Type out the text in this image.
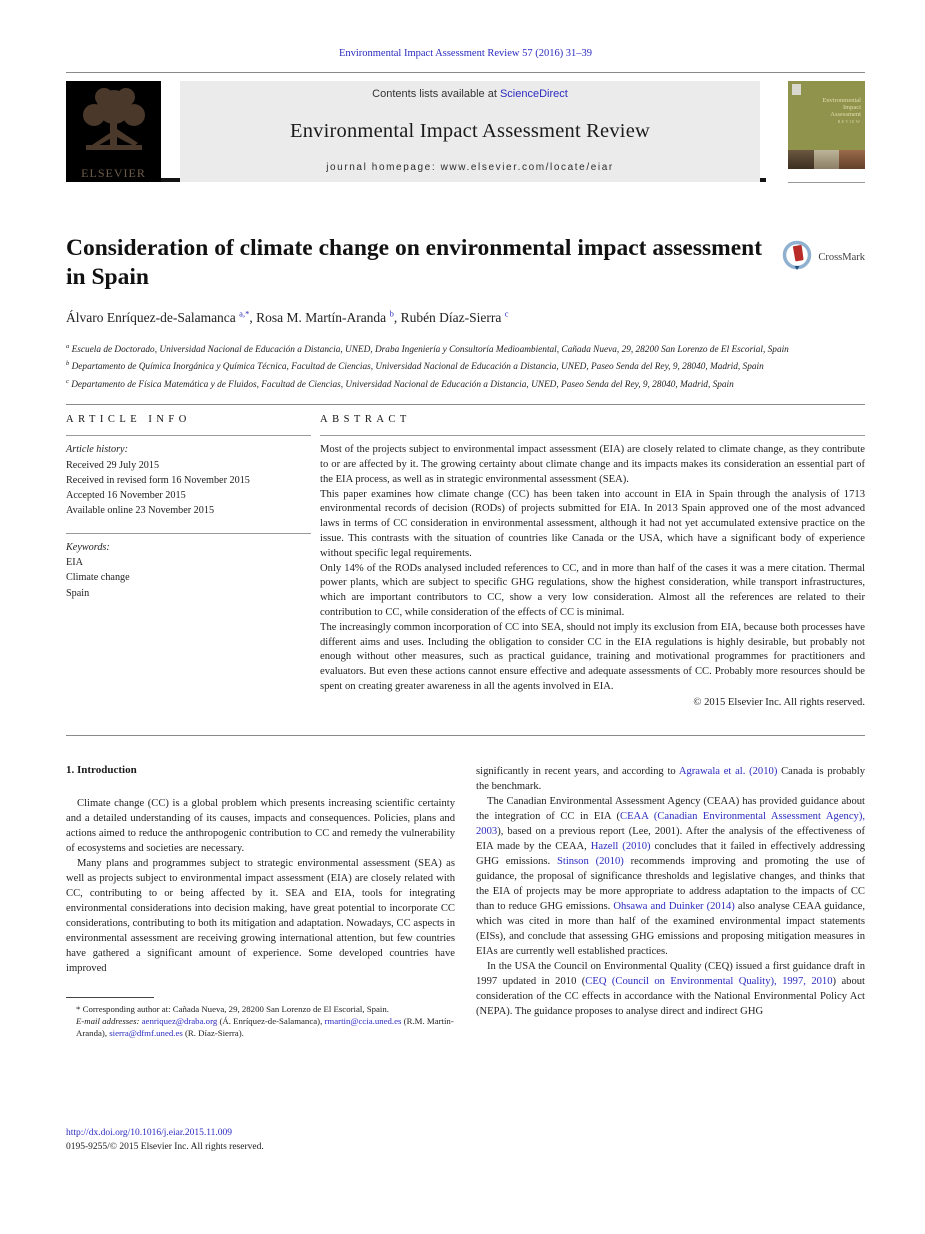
Environmental Impact Assessment Review 57 (2016) 31–39
ELSEVIER
Contents lists available at ScienceDirect
Environmental Impact Assessment Review
journal homepage: www.elsevier.com/locate/eiar
Environmental
Impact
Assessment
REVIEW
Consideration of climate change on environmental impact assessment in Spain
CrossMark
Álvaro Enríquez-de-Salamanca $^{a,*}$, Rosa M. Martín-Aranda $^b$, Rubén Díaz-Sierra $^c$
$^a$ Escuela de Doctorado, Universidad Nacional de Educación a Distancia, UNED, Draba Ingeniería y Consultoría Medioambiental, Cañada Nueva, 29, 28200 San Lorenzo de El Escorial, Spain
$^b$ Departamento de Química Inorgánica y Química Técnica, Facultad de Ciencias, Universidad Nacional de Educación a Distancia, UNED, Paseo Senda del Rey, 9, 28040, Madrid, Spain
$^c$ Departamento de Física Matemática y de Fluidos, Facultad de Ciencias, Universidad Nacional de Educación a Distancia, UNED, Paseo Senda del Rey, 9, 28040, Madrid, Spain
ARTICLE INFO
Article history:
Received 29 July 2015
Received in revised form 16 November 2015
Accepted 16 November 2015
Available online 23 November 2015
Keywords:
EIA
Climate change
Spain
ABSTRACT

Most of the projects subject to environmental impact assessment (EIA) are closely related to climate change, as they contribute to or are affected by it. The growing certainty about climate change and its impacts makes its consideration an essential part of the EIA process, as well as in strategic environmental assessment (SEA).

This paper examines how climate change (CC) has been taken into account in EIA in Spain through the analysis of 1713 environmental records of decision (RODs) of projects submitted for EIA. In 2013 Spain approved one of the most advanced laws in terms of CC consideration in environmental assessment, although it had not yet accumulated extensive practice on the issue. This contrasts with the situation of countries like Canada or the USA, which have a significant body of experience without specific legal requirements.

Only 14% of the RODs analysed included references to CC, and in more than half of the cases it was a mere citation. Thermal power plants, which are subject to specific GHG regulations, show the highest consideration, while transport infrastructures, which are important contributors to CC, show a very low consideration. Almost all the references are related to their contribution to CC, while consideration of the effects of CC is minimal.

The increasingly common incorporation of CC into SEA, should not imply its exclusion from EIA, because both processes have different aims and uses. Including the obligation to consider CC in the EIA regulations is highly desirable, but probably not enough without other measures, such as practical guidance, training and motivational programmes for practitioners and evaluators. But even these actions cannot ensure effective and adequate assessments of CC. Probably more resources should be spent on creating greater awareness in all the agents involved in EIA.

© 2015 Elsevier Inc. All rights reserved.
1. Introduction

Climate change (CC) is a global problem which presents increasing scientific certainty and a detailed understanding of its causes, impacts and consequences. Policies, plans and actions aimed to reduce the anthropogenic contribution to CC and remedy the vulnerability of ecosystems and societies are necessary.

Many plans and programmes subject to strategic environmental assessment (SEA) as well as projects subject to environmental impact assessment (EIA) are closely related with CC, contributing to or being affected by it. SEA and EIA, tools for integrating environmental considerations into decision making, have great potential to incorporate CC considerations, contributing to both its mitigation and adaptation. Nowadays, CC aspects in environmental assessment are receiving growing international attention, but few countries have gathered a significant amount of experience. Some developed countries have improved

* Corresponding author at: Cañada Nueva, 29, 28200 San Lorenzo de El Escorial, Spain.
E-mail addresses: aenriquez@draba.org (Á. Enríquez-de-Salamanca), rmartin@ccia.uned.es (R.M. Martín-Aranda), sierra@dfmf.uned.es (R. Díaz-Sierra).

significantly in recent years, and according to Agrawala et al. (2010) Canada is probably the benchmark.

The Canadian Environmental Assessment Agency (CEAA) has provided guidance about the integration of CC in EIA (CEAA (Canadian Environmental Assessment Agency), 2003), based on a previous report (Lee, 2001). After the analysis of the effectiveness of EIA made by the CEAA, Hazell (2010) concludes that it failed in effectively addressing GHG emissions. Stinson (2010) recommends improving and promoting the use of guidance, the proposal of significance thresholds and legislative changes, and thinks that the EIA of projects may be more appropriate to address adaptation to the impacts of CC than to reduce GHG emissions. Ohsawa and Duinker (2014) also analyse CEAA guidance, which was cited in more than half of the examined environmental impact statements (EISs), and conclude that assessing GHG emissions and proposing mitigation measures in EIAs are currently well established practices.

In the USA the Council on Environmental Quality (CEQ) issued a first guidance draft in 1997 updated in 2010 (CEQ (Council on Environmental Quality), 1997, 2010) about consideration of the CC effects in accordance with the National Environmental Policy Act (NEPA). The guidance proposes to analyse direct and indirect GHG

http://dx.doi.org/10.1016/j.eiar.2015.11.009
0195-9255/© 2015 Elsevier Inc. All rights reserved.
